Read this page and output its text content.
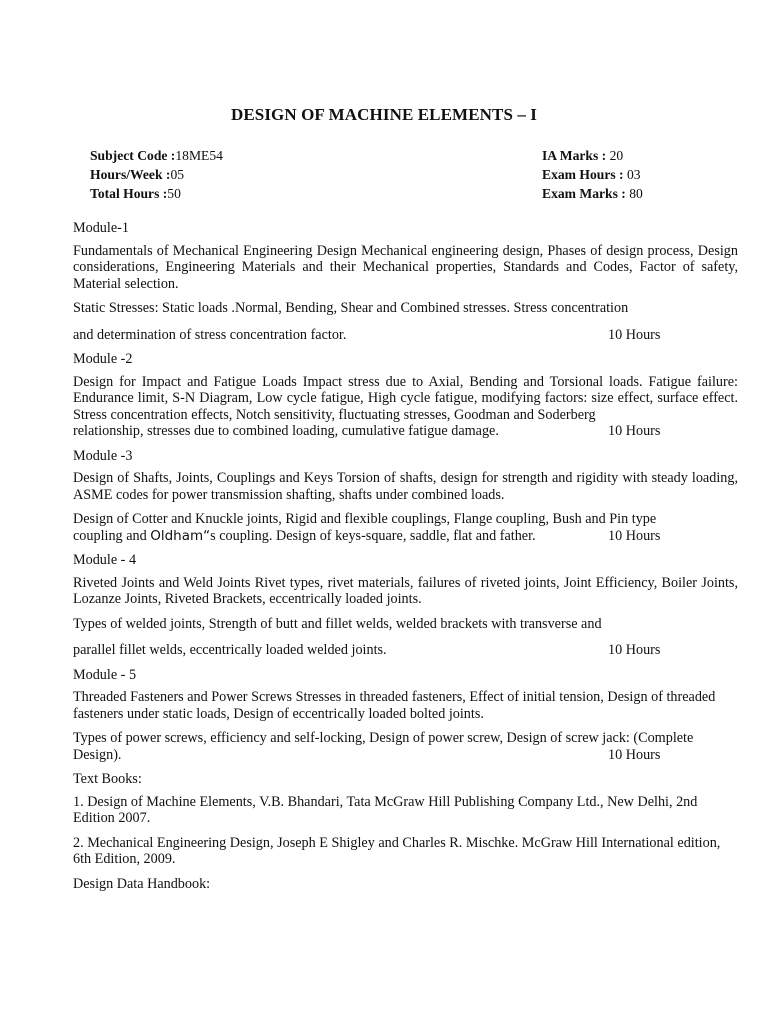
DESIGN OF MACHINE ELEMENTS – I
Subject Code :18ME54
Hours/Week :05
Total Hours :50
IA Marks : 20
Exam Hours : 03
Exam Marks : 80
Module-1
Fundamentals of Mechanical Engineering Design Mechanical engineering design, Phases of design process, Design considerations, Engineering Materials and their Mechanical properties, Standards and Codes, Factor of safety, Material selection.
Static Stresses: Static loads .Normal, Bending, Shear and Combined stresses. Stress concentration
and determination of stress concentration factor.	10 Hours
Module -2
Design for Impact and Fatigue Loads Impact stress due to Axial, Bending and Torsional loads. Fatigue failure: Endurance limit, S-N Diagram, Low cycle fatigue, High cycle fatigue, modifying factors: size effect, surface effect. Stress concentration effects, Notch sensitivity, fluctuating stresses, Goodman and Soderberg
relationship, stresses due to combined loading, cumulative fatigue damage.	10 Hours
Module -3
Design of Shafts, Joints, Couplings and Keys Torsion of shafts, design for strength and rigidity with steady loading, ASME codes for power transmission shafting, shafts under combined loads.
Design of Cotter and Knuckle joints, Rigid and flexible couplings, Flange coupling, Bush and Pin type
coupling and Oldham“s coupling. Design of keys-square, saddle, flat and father.	10 Hours
Module - 4
Riveted Joints and Weld Joints Rivet types, rivet materials, failures of riveted joints, Joint Efficiency, Boiler Joints, Lozanze Joints, Riveted Brackets, eccentrically loaded joints.
Types of welded joints, Strength of butt and fillet welds, welded brackets with transverse and
parallel fillet welds, eccentrically loaded welded joints.	10 Hours
Module - 5
Threaded Fasteners and Power Screws Stresses in threaded fasteners, Effect of initial tension, Design of threaded fasteners under static loads, Design of eccentrically loaded bolted joints.
Types of power screws, efficiency and self-locking, Design of power screw, Design of screw jack: (Complete
Design).	10 Hours
Text Books:
1. Design of Machine Elements, V.B. Bhandari, Tata McGraw Hill Publishing Company Ltd., New Delhi, 2nd Edition 2007.
2. Mechanical Engineering Design, Joseph E Shigley and Charles R. Mischke. McGraw Hill International edition, 6th Edition, 2009.
Design Data Handbook:
